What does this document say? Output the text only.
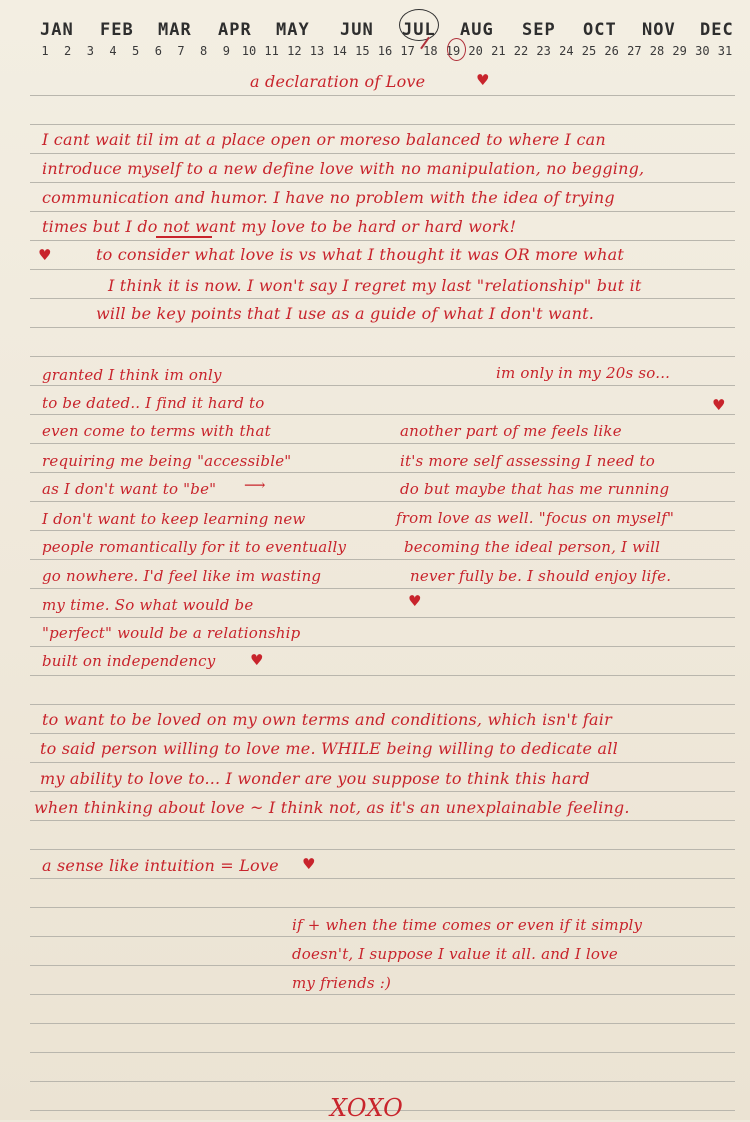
JAN FEB MAR APR MAY JUN JUL AUG SEP OCT NOV DEC
1	2	3	4	5	6	7	8	9 10 11 12 13 14 15 16 17 18 19 20 21 22 23 24 25 26 27 28 29 30 31
a declaration of Love	♥
I cant wait til im at a place open or moreso balanced to where I can
introduce myself to a new define love with no manipulation, no begging,
communication and humor. I have no problem with the idea of trying
times but I do not want my love to be hard or hard work!
♥	to consider what love is vs what I thought it was OR more what
I think it is now. I won't say I regret my last "relationship" but it
will be key points that I use as a guide of what I don't want.
granted I think im only
to be dated.. I find it hard to
even come to terms with that
requiring me being "accessible"
as I don't want to "be" ⟶
I don't want to keep learning new
people romantically for it to eventually
go nowhere. I'd feel like im wasting
my time. So what would be
"perfect" would be a relationship
built on independency ♥
im only in my 20s so...
♥
another part of me feels like
it's more self assessing I need to
do but maybe that has me running
from love as well. "focus on myself"
becoming the ideal person, I will
never fully be. I should enjoy life.
♥
to want to be loved on my own terms and conditions, which isn't fair
to said person willing to love me. WHILE being willing to dedicate all
my ability to love to... I wonder are you suppose to think this hard
when thinking about love ~ I think not, as it's an unexplainable feeling.
a sense like intuition = Love ♥
if + when the time comes or even if it simply
doesn't, I suppose I value it all. and I love
my friends :)
XOXO
